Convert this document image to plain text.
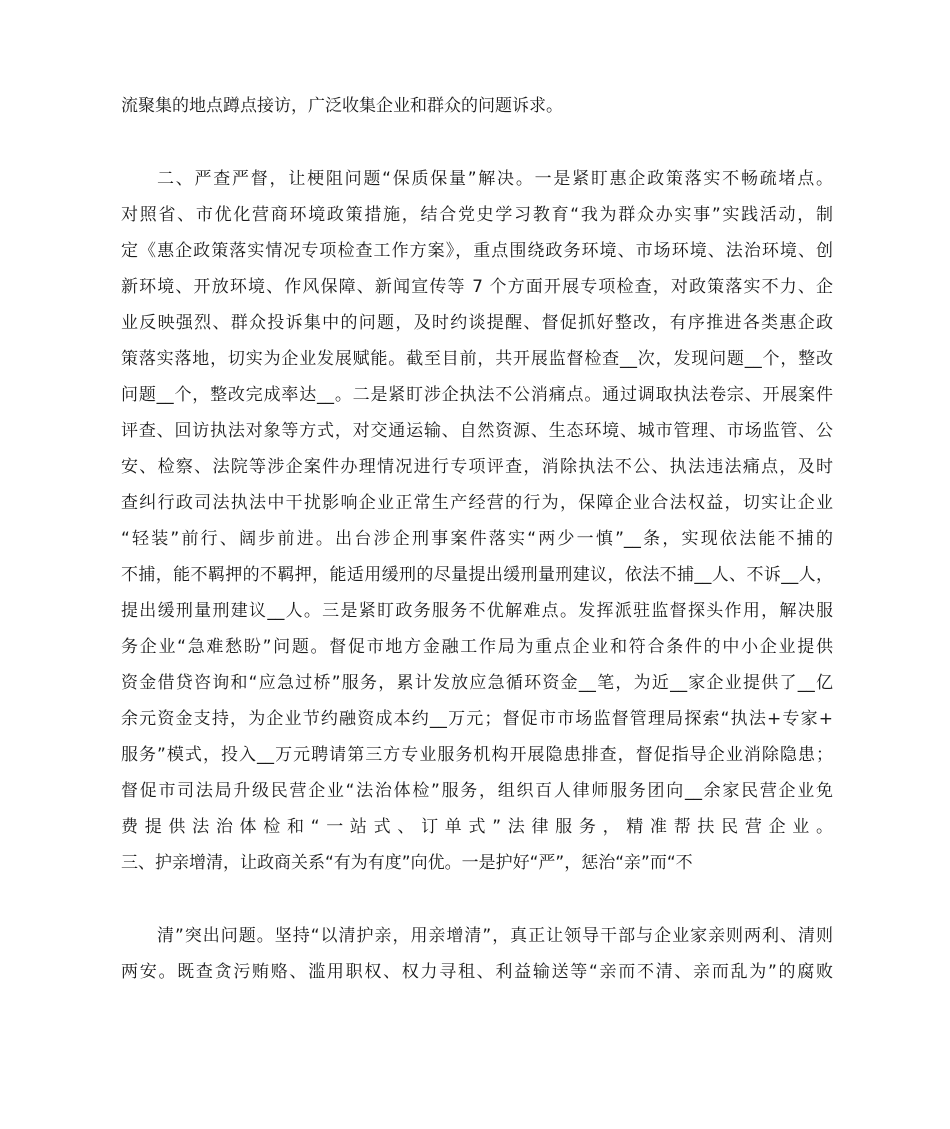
流聚集的地点蹲点接访，广泛收集企业和群众的问题诉求。
二、严查严督，让梗阻问题“保质保量”解决。一是紧盯惠企政策落实不畅疏堵点。
对照省、市优化营商环境政策措施，结合党史学习教育“我为群众办实事”实践活动，制
定《惠企政策落实情况专项检查工作方案》，重点围绕政务环境、市场环境、法治环境、创
新环境、开放环境、作风保障、新闻宣传等 7 个方面开展专项检查，对政策落实不力、企
业反映强烈、群众投诉集中的问题，及时约谈提醒、督促抓好整改，有序推进各类惠企政
策落实落地，切实为企业发展赋能。截至目前，共开展监督检查__次，发现问题__个，整改
问题__个，整改完成率达__。二是紧盯涉企执法不公消痛点。通过调取执法卷宗、开展案件
评查、回访执法对象等方式，对交通运输、自然资源、生态环境、城市管理、市场监管、公
安、检察、法院等涉企案件办理情况进行专项评查，消除执法不公、执法违法痛点，及时
查纠行政司法执法中干扰影响企业正常生产经营的行为，保障企业合法权益，切实让企业
“轻装”前行、阔步前进。出台涉企刑事案件落实“两少一慎”__条，实现依法能不捕的
不捕，能不羁押的不羁押，能适用缓刑的尽量提出缓刑量刑建议，依法不捕__人、不诉__人，
提出缓刑量刑建议__人。三是紧盯政务服务不优解难点。发挥派驻监督探头作用，解决服
务企业“急难愁盼”问题。督促市地方金融工作局为重点企业和符合条件的中小企业提供
资金借贷咨询和“应急过桥”服务，累计发放应急循环资金__笔，为近__家企业提供了__亿
余元资金支持，为企业节约融资成本约__万元；督促市市场监督管理局探索“执法+专家+
服务”模式，投入__万元聘请第三方专业服务机构开展隐患排查，督促指导企业消除隐患；
督促市司法局升级民营企业“法治体检”服务，组织百人律师服务团向__余家民营企业免
费提供法治体检和“一站式、订单式”法律服务，精准帮扶民营企业。
三、护亲增清，让政商关系“有为有度”向优。一是护好“严”，惩治“亲”而“不
清”突出问题。坚持“以清护亲，用亲增清”，真正让领导干部与企业家亲则两利、清则
两安。既查贪污贿赂、滥用职权、权力寻租、利益输送等“亲而不清、亲而乱为”的腐败
